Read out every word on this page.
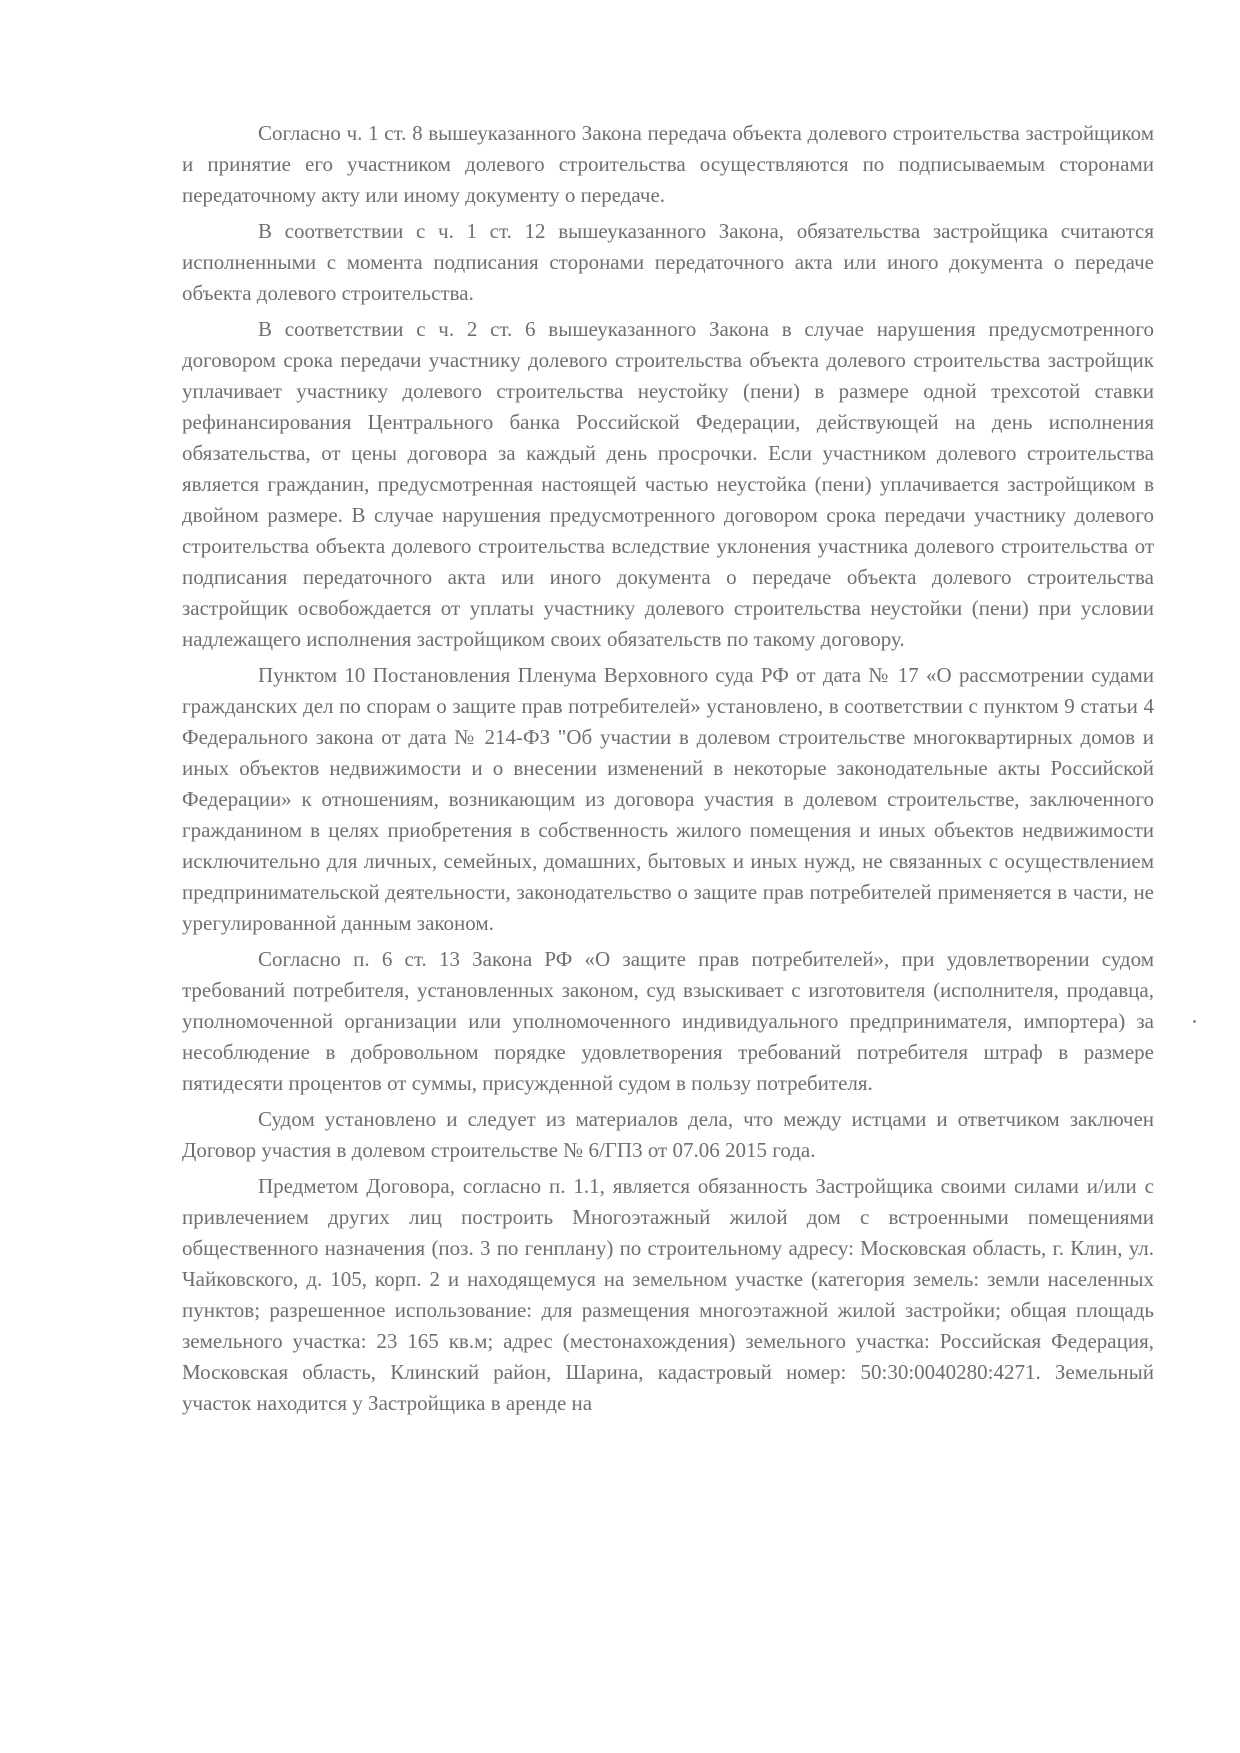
Согласно ч. 1 ст. 8 вышеуказанного Закона передача объекта долевого строительства застройщиком и принятие его участником долевого строительства осуществляются по подписываемым сторонами передаточному акту или иному документу о передаче.

В соответствии с ч. 1 ст. 12 вышеуказанного Закона, обязательства застройщика считаются исполненными с момента подписания сторонами передаточного акта или иного документа о передаче объекта долевого строительства.

В соответствии с ч. 2 ст. 6 вышеуказанного Закона в случае нарушения предусмотренного договором срока передачи участнику долевого строительства объекта долевого строительства застройщик уплачивает участнику долевого строительства неустойку (пени) в размере одной трехсотой ставки рефинансирования Центрального банка Российской Федерации, действующей на день исполнения обязательства, от цены договора за каждый день просрочки. Если участником долевого строительства является гражданин, предусмотренная настоящей частью неустойка (пени) уплачивается застройщиком в двойном размере. В случае нарушения предусмотренного договором срока передачи участнику долевого строительства объекта долевого строительства вследствие уклонения участника долевого строительства от подписания передаточного акта или иного документа о передаче объекта долевого строительства застройщик освобождается от уплаты участнику долевого строительства неустойки (пени) при условии надлежащего исполнения застройщиком своих обязательств по такому договору.

Пунктом 10 Постановления Пленума Верховного суда РФ от дата № 17 «О рассмотрении судами гражданских дел по спорам о защите прав потребителей» установлено, в соответствии с пунктом 9 статьи 4 Федерального закона от дата № 214-ФЗ "Об участии в долевом строительстве многоквартирных домов и иных объектов недвижимости и о внесении изменений в некоторые законодательные акты Российской Федерации» к отношениям, возникающим из договора участия в долевом строительстве, заключенного гражданином в целях приобретения в собственность жилого помещения и иных объектов недвижимости исключительно для личных, семейных, домашних, бытовых и иных нужд, не связанных с осуществлением предпринимательской деятельности, законодательство о защите прав потребителей применяется в части, не урегулированной данным законом.

Согласно п. 6 ст. 13 Закона РФ «О защите прав потребителей», при удовлетворении судом требований потребителя, установленных законом, суд взыскивает с изготовителя (исполнителя, продавца, уполномоченной организации или уполномоченного индивидуального предпринимателя, импортера) за несоблюдение в добровольном порядке удовлетворения требований потребителя штраф в размере пятидесяти процентов от суммы, присужденной судом в пользу потребителя.

Судом установлено и следует из материалов дела, что между истцами и ответчиком заключен Договор участия в долевом строительстве № 6/ГП3 от 07.06 2015 года.

Предметом Договора, согласно п. 1.1, является обязанность Застройщика своими силами и/или с привлечением других лиц построить Многоэтажный жилой дом с встроенными помещениями общественного назначения (поз. 3 по генплану) по строительному адресу: Московская область, г. Клин, ул. Чайковского, д. 105, корп. 2 и находящемуся на земельном участке (категория земель: земли населенных пунктов; разрешенное использование: для размещения многоэтажной жилой застройки; общая площадь земельного участка: 23 165 кв.м; адрес (местонахождения) земельного участка: Российская Федерация, Московская область, Клинский район, Шарина, кадастровый номер: 50:30:0040280:4271. Земельный участок находится у Застройщика в аренде на
